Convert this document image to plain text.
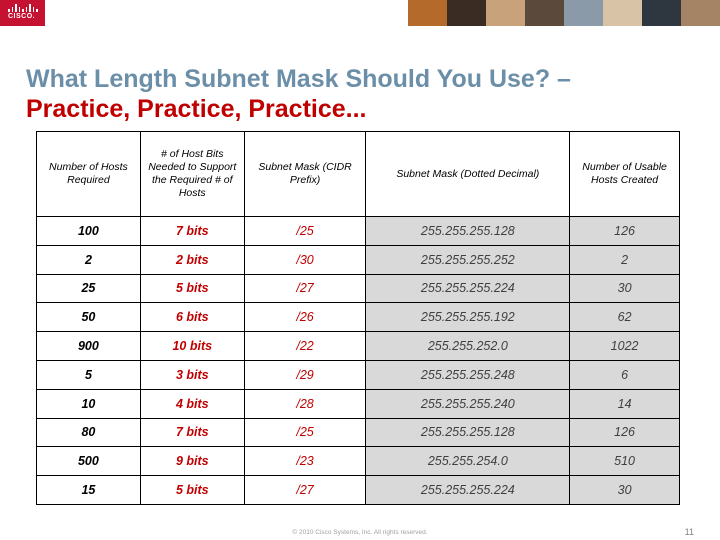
CISCO.
What Length Subnet Mask Should You Use? –
Practice, Practice, Practice...
Number of Hosts Required	# of Host Bits Needed to Support the Required # of Hosts	Subnet Mask (CIDR Prefix)	Subnet Mask (Dotted Decimal)	Number of Usable Hosts Created
100	7 bits	/25	255.255.255.128	126
2	2 bits	/30	255.255.255.252	2
25	5 bits	/27	255.255.255.224	30
50	6 bits	/26	255.255.255.192	62
900	10 bits	/22	255.255.252.0	1022
5	3 bits	/29	255.255.255.248	6
10	4 bits	/28	255.255.255.240	14
80	7 bits	/25	255.255.255.128	126
500	9 bits	/23	255.255.254.0	510
15	5 bits	/27	255.255.255.224	30
© 2010 Cisco Systems, Inc. All rights reserved.	11
